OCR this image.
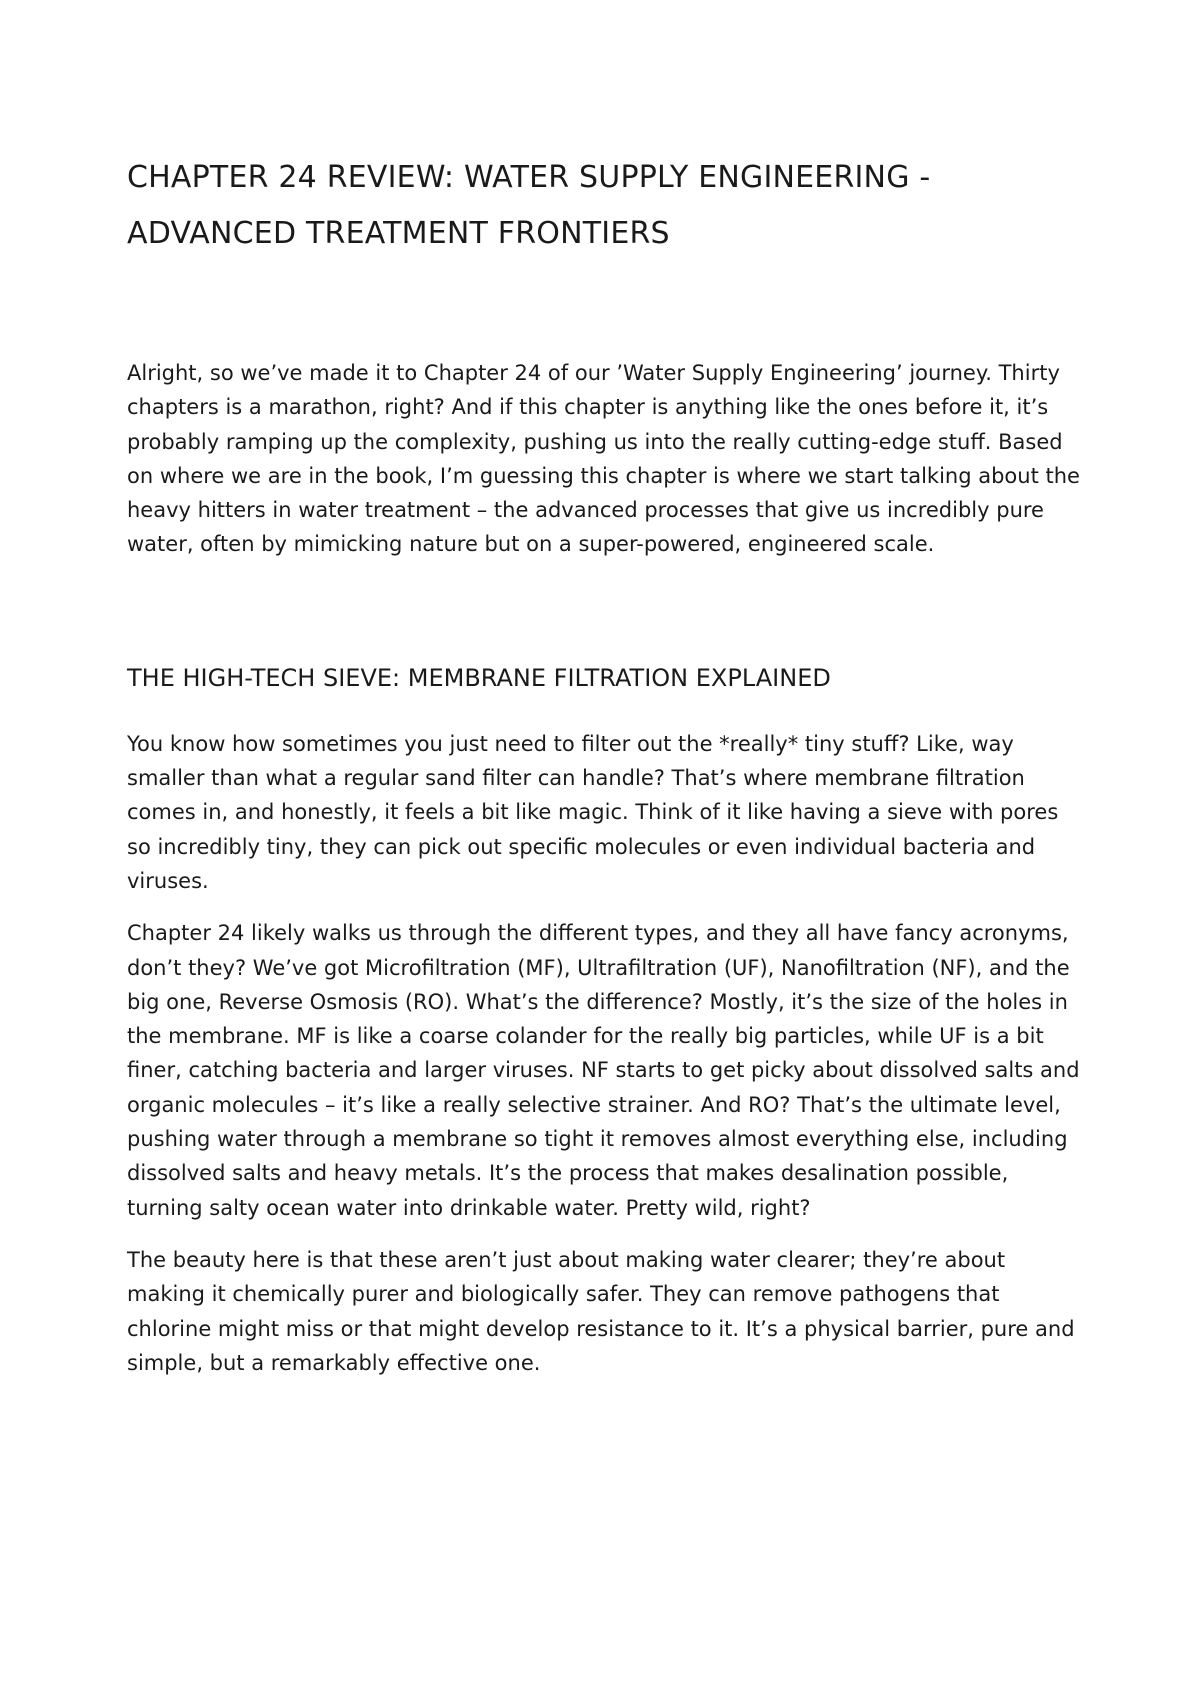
CHAPTER 24 REVIEW: WATER SUPPLY ENGINEERING - ADVANCED TREATMENT FRONTIERS

Alright, so we’ve made it to Chapter 24 of our ’Water Supply Engineering’ journey. Thirty chapters is a marathon, right? And if this chapter is anything like the ones before it, it’s probably ramping up the complexity, pushing us into the really cutting-edge stuff. Based on where we are in the book, I’m guessing this chapter is where we start talking about the heavy hitters in water treatment – the advanced processes that give us incredibly pure water, often by mimicking nature but on a super-powered, engineered scale.

THE HIGH-TECH SIEVE: MEMBRANE FILTRATION EXPLAINED

You know how sometimes you just need to filter out the *really* tiny stuff? Like, way smaller than what a regular sand filter can handle? That’s where membrane filtration comes in, and honestly, it feels a bit like magic. Think of it like having a sieve with pores so incredibly tiny, they can pick out specific molecules or even individual bacteria and viruses.

Chapter 24 likely walks us through the different types, and they all have fancy acronyms, don’t they? We’ve got Microfiltration (MF), Ultrafiltration (UF), Nanofiltration (NF), and the big one, Reverse Osmosis (RO). What’s the difference? Mostly, it’s the size of the holes in the membrane. MF is like a coarse colander for the really big particles, while UF is a bit finer, catching bacteria and larger viruses. NF starts to get picky about dissolved salts and organic molecules – it’s like a really selective strainer. And RO? That’s the ultimate level, pushing water through a membrane so tight it removes almost everything else, including dissolved salts and heavy metals. It’s the process that makes desalination possible, turning salty ocean water into drinkable water. Pretty wild, right?

The beauty here is that these aren’t just about making water clearer; they’re about making it chemically purer and biologically safer. They can remove pathogens that chlorine might miss or that might develop resistance to it. It’s a physical barrier, pure and simple, but a remarkably effective one.
